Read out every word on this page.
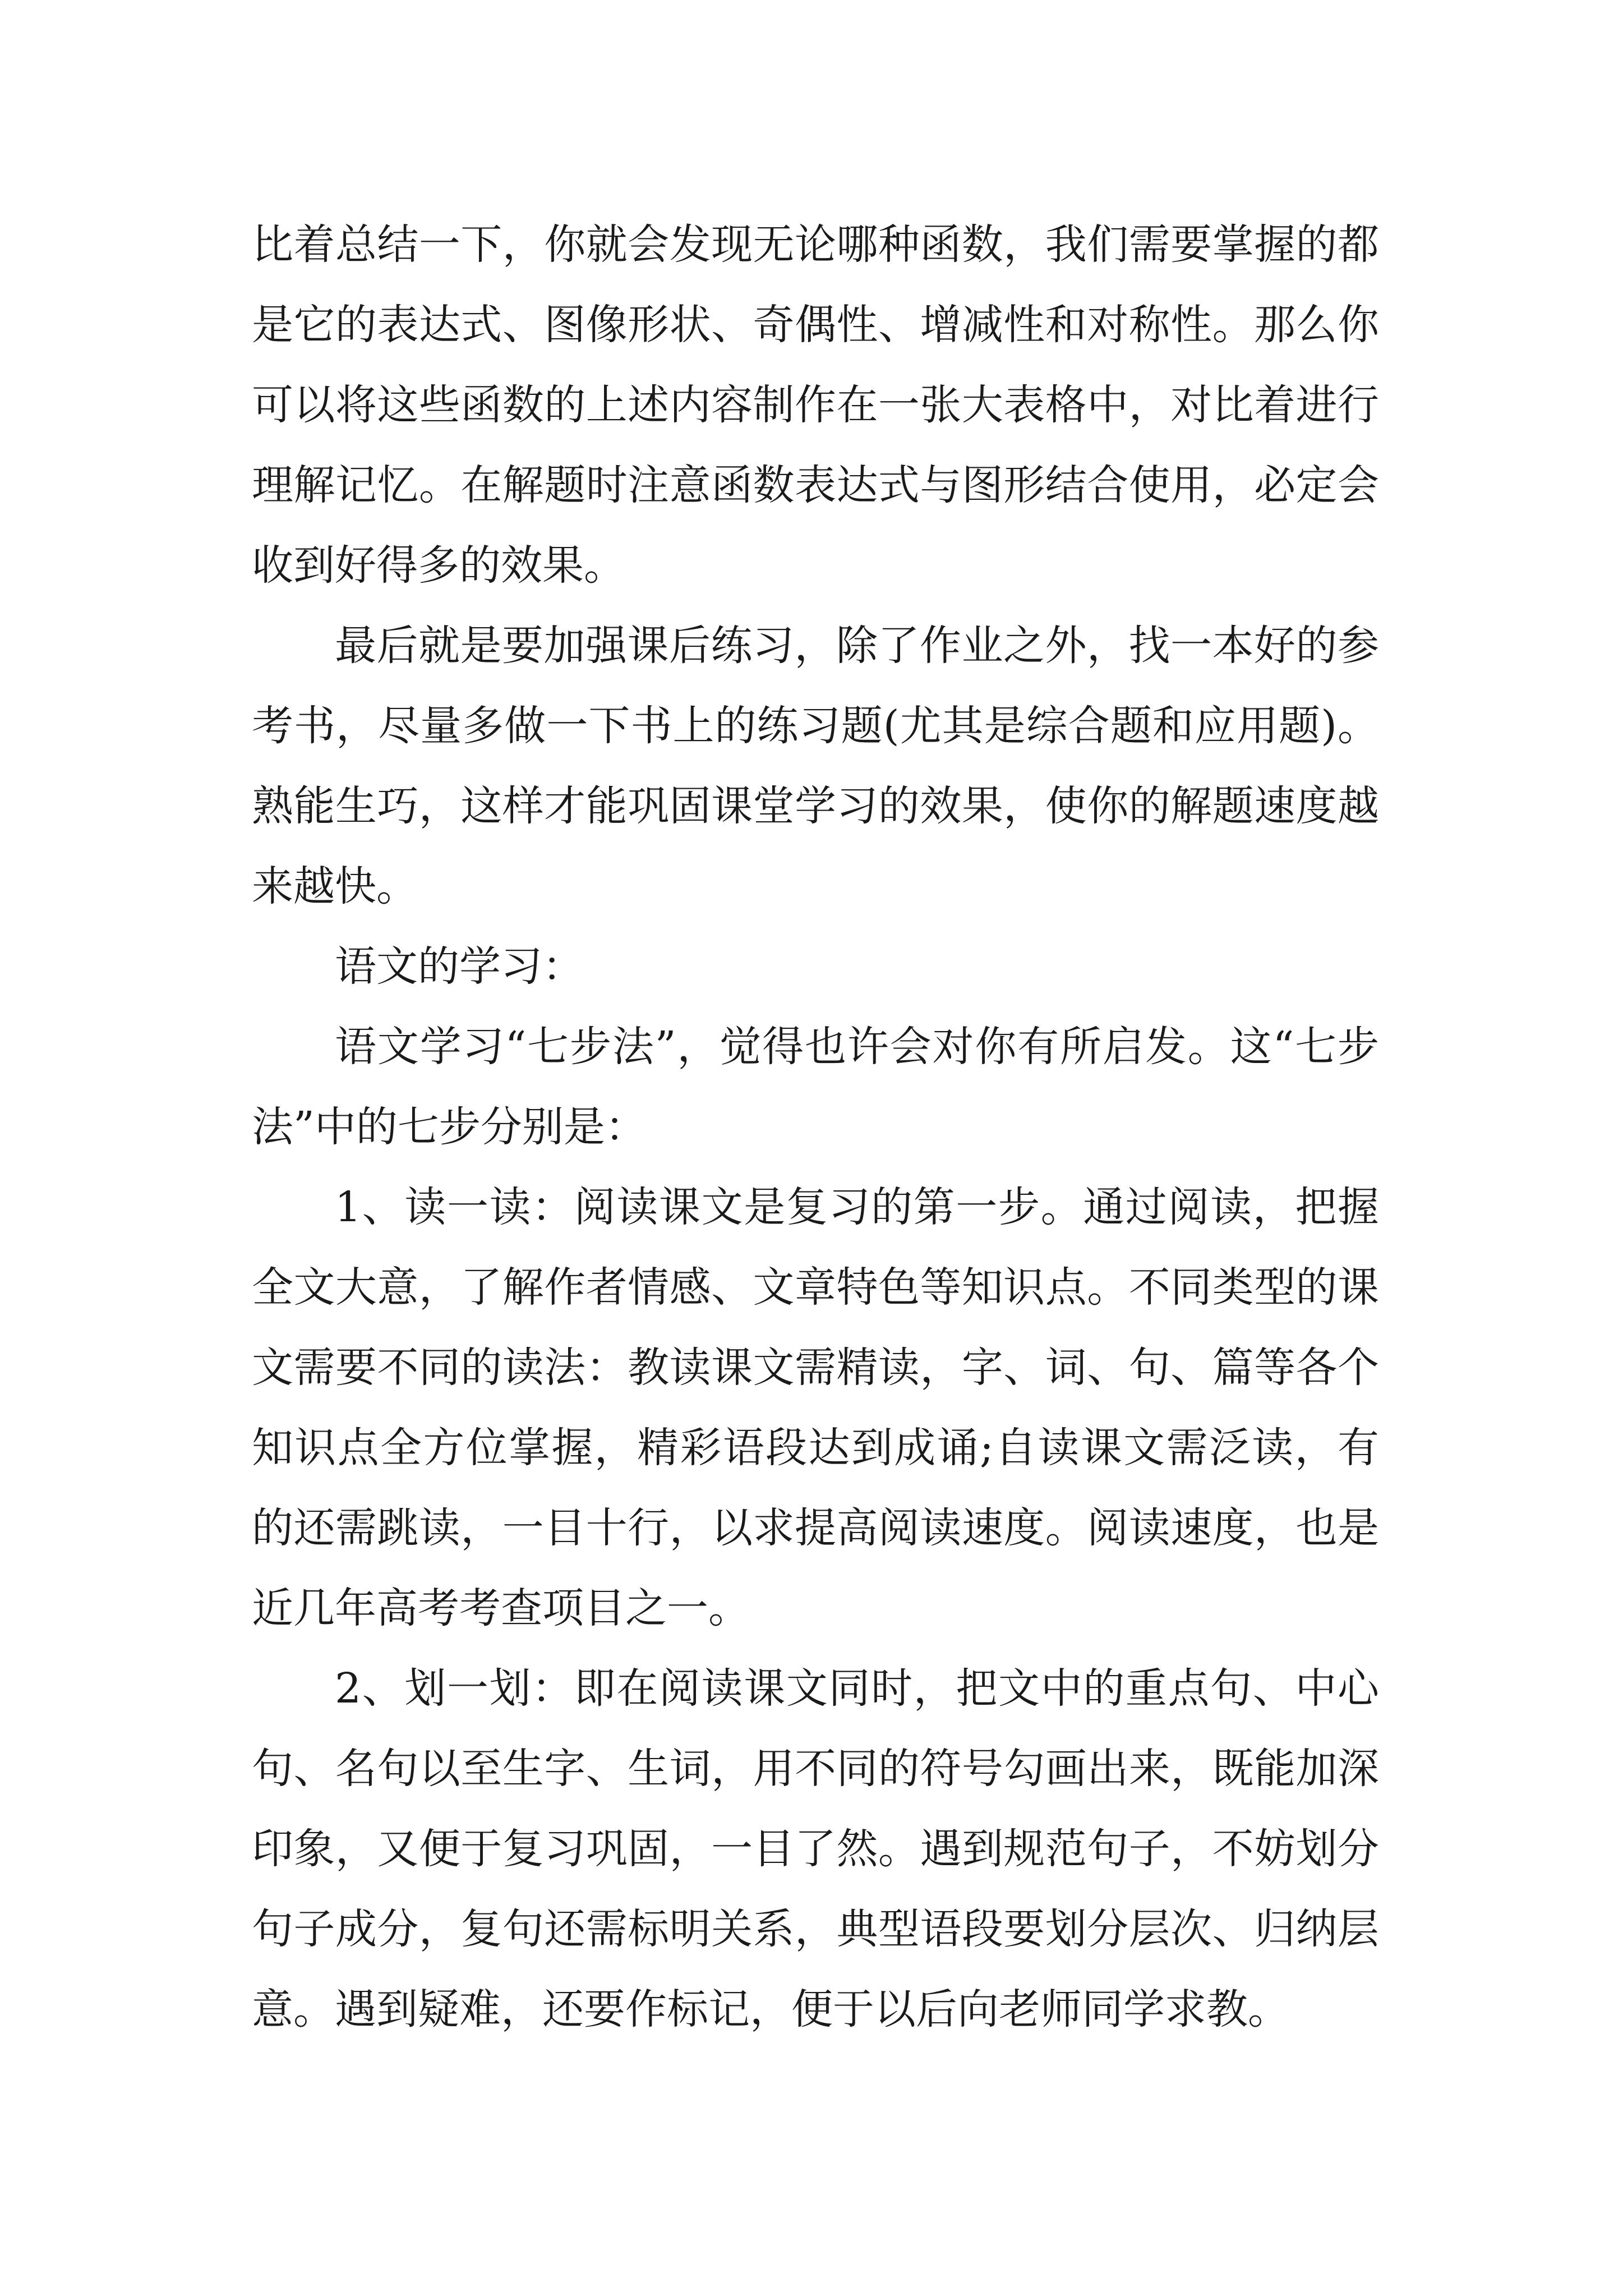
比着总结一下，你就会发现无论哪种函数，我们需要掌握的都是它的表达式、图像形状、奇偶性、增减性和对称性。那么你可以将这些函数的上述内容制作在一张大表格中，对比着进行理解记忆。在解题时注意函数表达式与图形结合使用，必定会收到好得多的效果。

最后就是要加强课后练习，除了作业之外，找一本好的参考书，尽量多做一下书上的练习题(尤其是综合题和应用题)。熟能生巧，这样才能巩固课堂学习的效果，使你的解题速度越来越快。

语文的学习：

语文学习“七步法”，觉得也许会对你有所启发。这“七步法”中的七步分别是：

1、读一读：阅读课文是复习的第一步。通过阅读，把握全文大意，了解作者情感、文章特色等知识点。不同类型的课文需要不同的读法：教读课文需精读，字、词、句、篇等各个知识点全方位掌握，精彩语段达到成诵;自读课文需泛读，有的还需跳读，一目十行，以求提高阅读速度。阅读速度，也是近几年高考考查项目之一。

2、划一划：即在阅读课文同时，把文中的重点句、中心句、名句以至生字、生词，用不同的符号勾画出来，既能加深印象，又便于复习巩固，一目了然。遇到规范句子，不妨划分句子成分，复句还需标明关系，典型语段要划分层次、归纳层意。遇到疑难，还要作标记，便于以后向老师同学求教。
